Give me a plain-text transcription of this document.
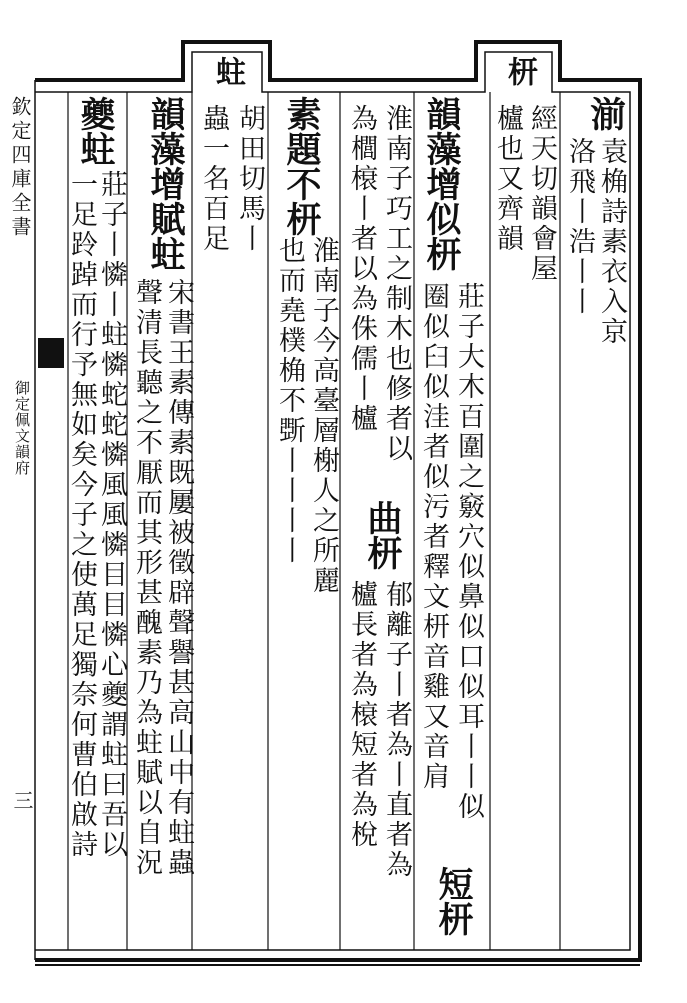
蛀	枅
湔
袁桷詩素衣入京
洛飛丨浩丨丨
經天切韻會屋
櫨也又齊韻
韻藻增似枅
莊子大木百圍之竅穴似鼻似口似耳丨丨似
圈似臼似洼者似污者釋文枅音雞又音肩
淮南子巧工之制木也修者以
為櫚榱丨者以為侏儒丨櫨
曲枅
郁離子丨者為丨直者為
櫨長者為榱短者為梲
短枅
素題不枅
淮南子今高臺層榭人之所麗
也而堯樸桷不斲丨丨丨丨
胡田切馬丨
蟲一名百足
韻藻增賦蛀
宋書王素傳素既屢被徵辟聲譽甚高山中有蛀蟲
聲清長聽之不厭而其形甚醜素乃為蛀賦以自況
夔蛀
莊子丨憐丨蛀憐蛇蛇憐風風憐目目憐心夔謂蛀曰吾以
一足跉踔而行予無如矣今子之使萬足獨奈何曹伯啟詩
欽定四庫全書
御定佩文韻府
三
